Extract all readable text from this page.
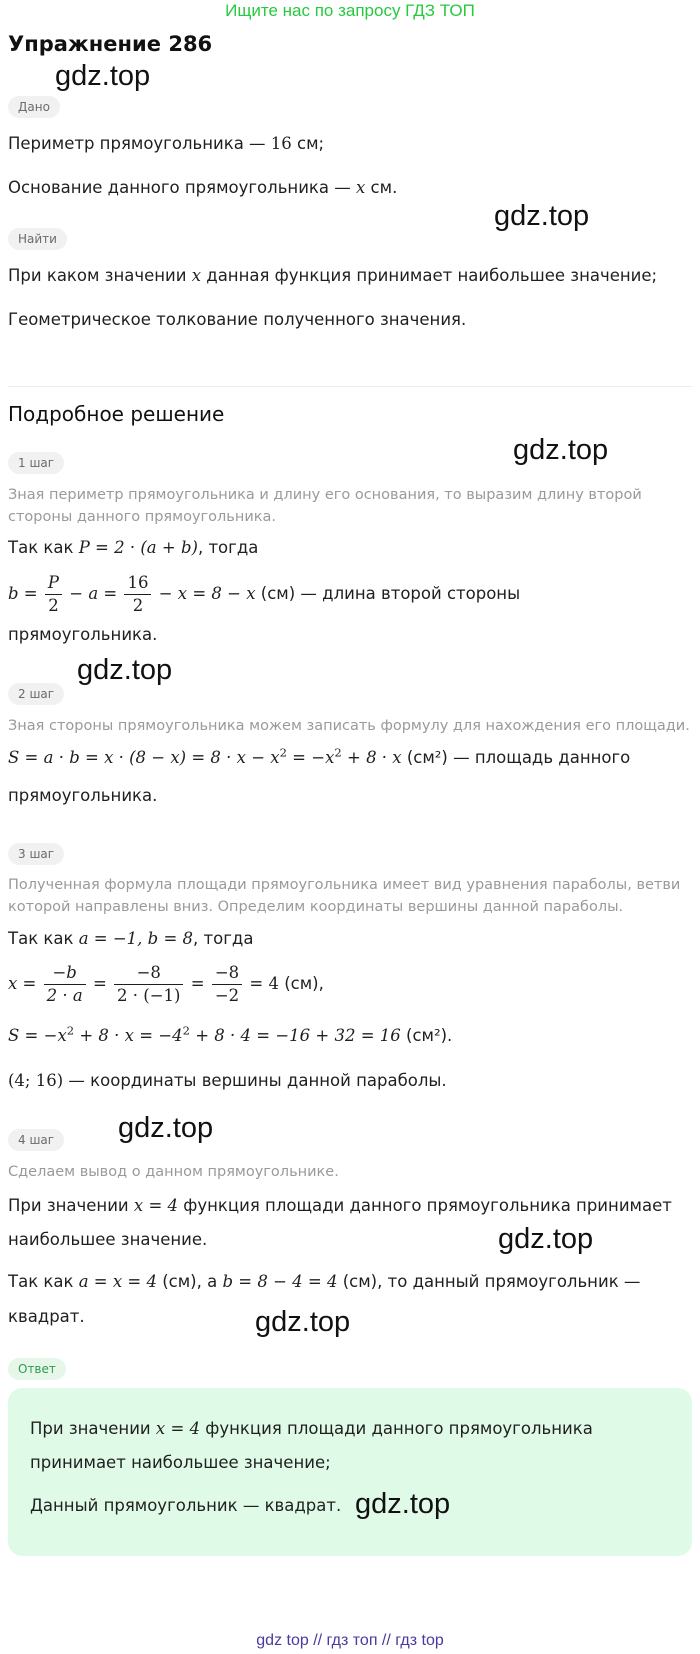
Ищите нас по запросу ГДЗ ТОП
Упражнение 286
gdz.top
Дано
Периметр прямоугольника — 16 см;
Основание данного прямоугольника — x см.
gdz.top
Найти
При каком значении x данная функция принимает наибольшее значение;
Геометрическое толкование полученного значения.
Подробное решение
gdz.top
1 шаг
Зная периметр прямоугольника и длину его основания, то выразим длину второй
стороны данного прямоугольника.
Так как P = 2 · (a + b), тогда
$b = \frac{P}{2} - a = \frac{16}{2} - x = 8 - x$ (см) — длина второй стороны
прямоугольника.
gdz.top
2 шаг
Зная стороны прямоугольника можем записать формулу для нахождения его площади.
$S = a \cdot b = x \cdot (8 - x) = 8 \cdot x - x^2 = -x^2 + 8 \cdot x$ (см²) — площадь данного
прямоугольника.
3 шаг
Полученная формула площади прямоугольника имеет вид уравнения параболы, ветви
которой направлены вниз. Определим координаты вершины данной параболы.
Так как a = −1, b = 8, тогда
$x = \frac{-b}{2 \cdot a} = \frac{-8}{2 \cdot (-1)} = \frac{-8}{-2} = 4$ (см),
$S = -x^2 + 8 \cdot x = -4^2 + 8 \cdot 4 = -16 + 32 = 16$ (см²).
(4; 16) — координаты вершины данной параболы.
4 шаг	gdz.top
Сделаем вывод о данном прямоугольнике.
При значении x = 4 функция площади данного прямоугольника принимает
наибольшее значение.	gdz.top
Так как a = x = 4 (см), а b = 8 − 4 = 4 (см), то данный прямоугольник —
квадрат.	gdz.top
Ответ
При значении x = 4 функция площади данного прямоугольника
принимает наибольшее значение;
Данный прямоугольник — квадрат. gdz.top
gdz top // гдз топ // гдз top
